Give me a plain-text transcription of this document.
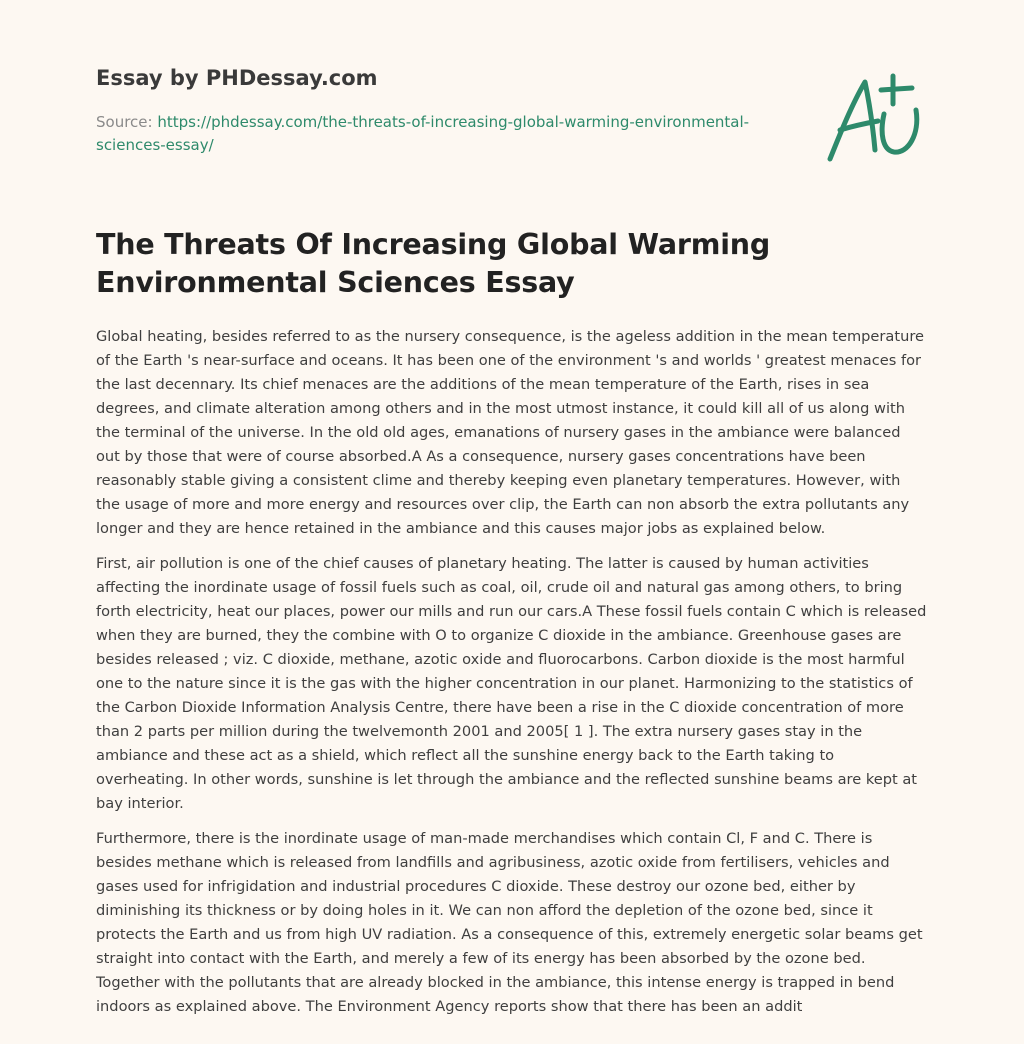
Essay by PHDessay.com
Source: https://phdessay.com/the-threats-of-increasing-global-warming-environmental-sciences-essay/
The Threats Of Increasing Global Warming Environmental Sciences Essay

Global heating, besides referred to as the nursery consequence, is the ageless addition in the mean temperature of the Earth 's near-surface and oceans. It has been one of the environment 's and worlds ' greatest menaces for the last decennary. Its chief menaces are the additions of the mean temperature of the Earth, rises in sea degrees, and climate alteration among others and in the most utmost instance, it could kill all of us along with the terminal of the universe. In the old old ages, emanations of nursery gases in the ambiance were balanced out by those that were of course absorbed.A As a consequence, nursery gases concentrations have been reasonably stable giving a consistent clime and thereby keeping even planetary temperatures. However, with the usage of more and more energy and resources over clip, the Earth can non absorb the extra pollutants any longer and they are hence retained in the ambiance and this causes major jobs as explained below.

First, air pollution is one of the chief causes of planetary heating. The latter is caused by human activities affecting the inordinate usage of fossil fuels such as coal, oil, crude oil and natural gas among others, to bring forth electricity, heat our places, power our mills and run our cars.A These fossil fuels contain C which is released when they are burned, they the combine with O to organize C dioxide in the ambiance. Greenhouse gases are besides released ; viz. C dioxide, methane, azotic oxide and fluorocarbons. Carbon dioxide is the most harmful one to the nature since it is the gas with the higher concentration in our planet. Harmonizing to the statistics of the Carbon Dioxide Information Analysis Centre, there have been a rise in the C dioxide concentration of more than 2 parts per million during the twelvemonth 2001 and 2005[ 1 ]. The extra nursery gases stay in the ambiance and these act as a shield, which reflect all the sunshine energy back to the Earth taking to overheating. In other words, sunshine is let through the ambiance and the reflected sunshine beams are kept at bay interior.

Furthermore, there is the inordinate usage of man-made merchandises which contain Cl, F and C. There is besides methane which is released from landfills and agribusiness, azotic oxide from fertilisers, vehicles and gases used for infrigidation and industrial procedures C dioxide. These destroy our ozone bed, either by diminishing its thickness or by doing holes in it. We can non afford the depletion of the ozone bed, since it protects the Earth and us from high UV radiation. As a consequence of this, extremely energetic solar beams get straight into contact with the Earth, and merely a few of its energy has been absorbed by the ozone bed. Together with the pollutants that are already blocked in the ambiance, this intense energy is trapped in bend indoors as explained above. The Environment Agency reports show that there has been an addit
